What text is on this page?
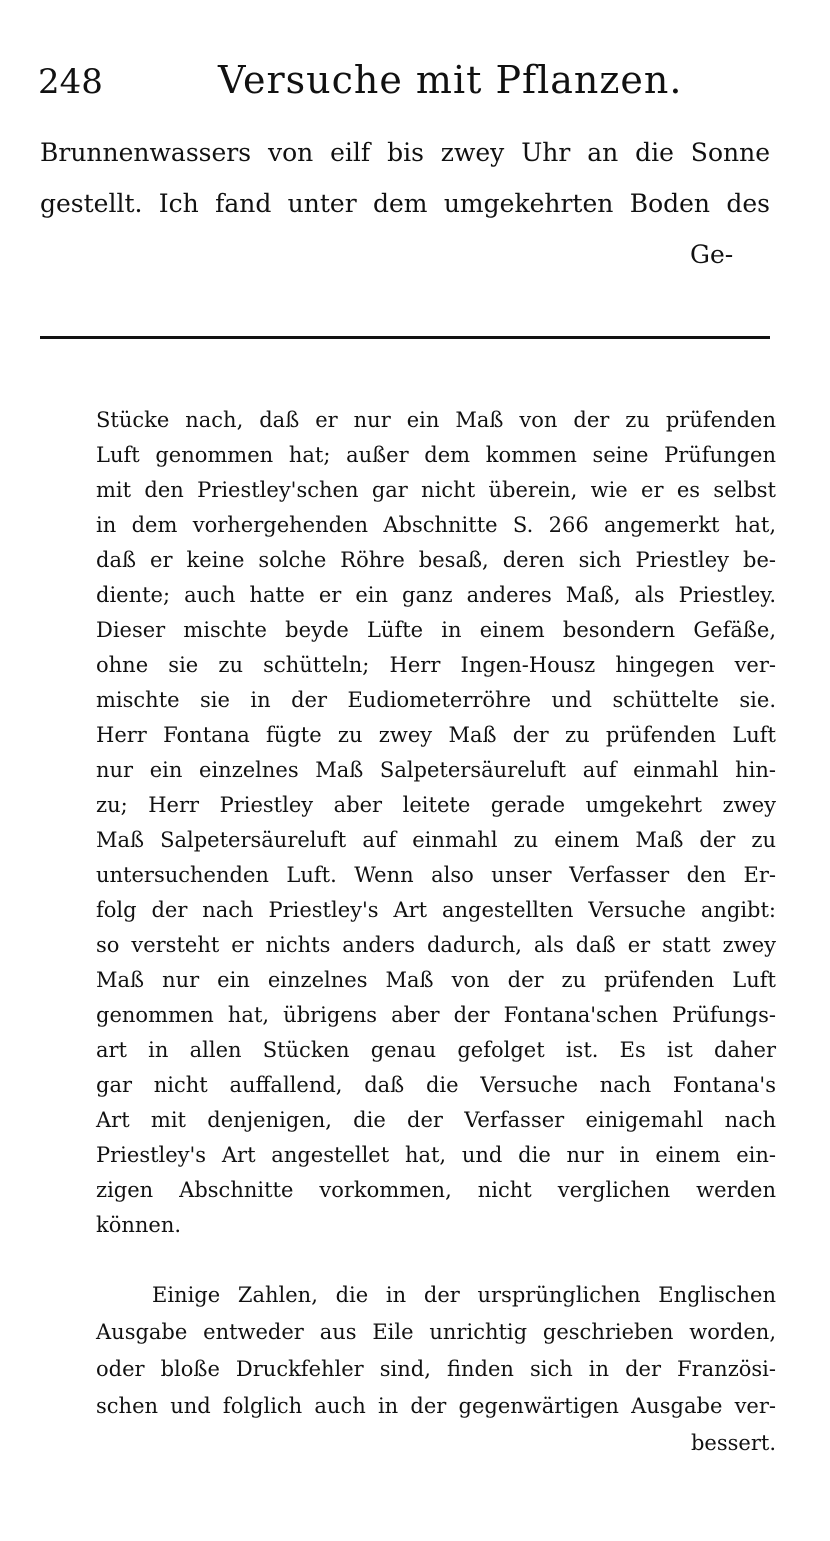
248	Versuche mit Pflanzen.
Brunnenwassers von eilf bis zwey Uhr an die Sonne
gestellt. Ich fand unter dem umgekehrten Boden des
Ge-
Stücke nach, daß er nur ein Maß von der zu prüfenden
Luft genommen hat; außer dem kommen seine Prüfungen
mit den Priestley'schen gar nicht überein, wie er es selbst
in dem vorhergehenden Abschnitte S. 266 angemerkt hat,
daß er keine solche Röhre besaß, deren sich Priestley be-
diente; auch hatte er ein ganz anderes Maß, als Priestley.
Dieser mischte beyde Lüfte in einem besondern Gefäße,
ohne sie zu schütteln; Herr Ingen-Housz hingegen ver-
mischte sie in der Eudiometerröhre und schüttelte sie.
Herr Fontana fügte zu zwey Maß der zu prüfenden Luft
nur ein einzelnes Maß Salpetersäureluft auf einmahl hin-
zu; Herr Priestley aber leitete gerade umgekehrt zwey
Maß Salpetersäureluft auf einmahl zu einem Maß der zu
untersuchenden Luft. Wenn also unser Verfasser den Er-
folg der nach Priestley's Art angestellten Versuche angibt:
so versteht er nichts anders dadurch, als daß er statt zwey
Maß nur ein einzelnes Maß von der zu prüfenden Luft
genommen hat, übrigens aber der Fontana'schen Prüfungs-
art in allen Stücken genau gefolget ist. Es ist daher
gar nicht auffallend, daß die Versuche nach Fontana's
Art mit denjenigen, die der Verfasser einigemahl nach
Priestley's Art angestellet hat, und die nur in einem ein-
zigen Abschnitte vorkommen, nicht verglichen werden
können.
Einige Zahlen, die in der ursprünglichen Englischen
Ausgabe entweder aus Eile unrichtig geschrieben worden,
oder bloße Druckfehler sind, finden sich in der Französi-
schen und folglich auch in der gegenwärtigen Ausgabe ver-
bessert.
